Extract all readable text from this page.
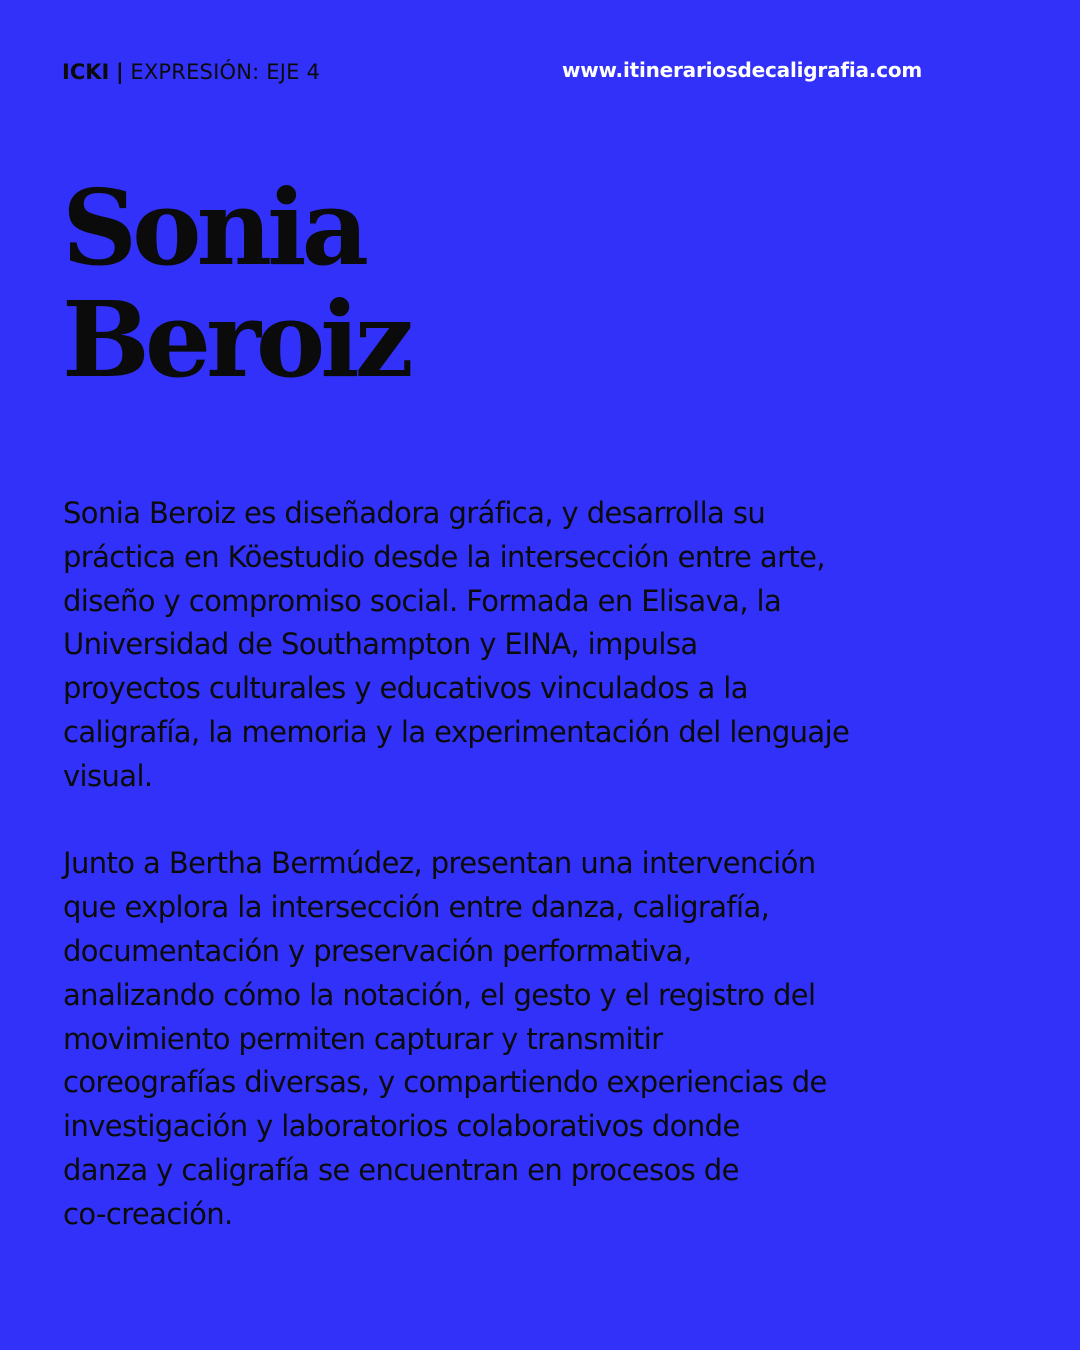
ICKI | EXPRESIÓN: EJE 4	www.itinerariosdecaligrafia.com
Sonia
Beroiz

Sonia Beroiz es diseñadora gráfica, y desarrolla su
práctica en Köestudio desde la intersección entre arte,
diseño y compromiso social. Formada en Elisava, la
Universidad de Southampton y EINA, impulsa
proyectos culturales y educativos vinculados a la
caligrafía, la memoria y la experimentación del lenguaje
visual.

Junto a Bertha Bermúdez, presentan una intervención
que explora la intersección entre danza, caligrafía,
documentación y preservación performativa,
analizando cómo la notación, el gesto y el registro del
movimiento permiten capturar y transmitir
coreografías diversas, y compartiendo experiencias de
investigación y laboratorios colaborativos donde
danza y caligrafía se encuentran en procesos de
co-creación.
